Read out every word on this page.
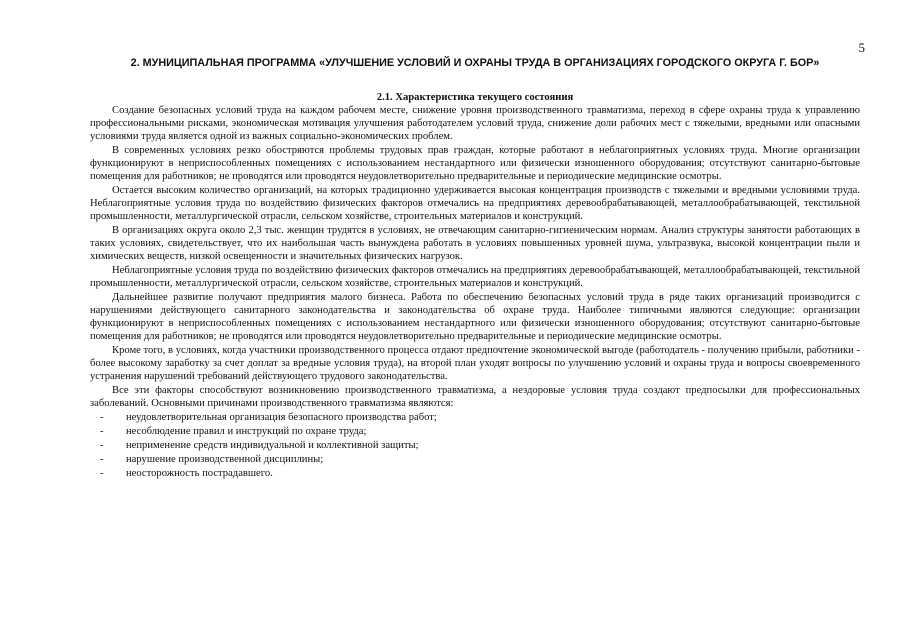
5
2. МУНИЦИПАЛЬНАЯ ПРОГРАММА «УЛУЧШЕНИЕ УСЛОВИЙ И ОХРАНЫ ТРУДА В ОРГАНИЗАЦИЯХ ГОРОДСКОГО ОКРУГА Г. БОР»
2.1. Характеристика текущего состояния

Создание безопасных условий труда на каждом рабочем месте, снижение уровня производственного травматизма, переход в сфере охраны труда к управлению профессиональными рисками, экономическая мотивация улучшения работодателем условий труда, снижение доли рабочих мест с тяжелыми, вредными или опасными условиями труда является одной из важных социально-экономических проблем.

В современных условиях резко обостряются проблемы трудовых прав граждан, которые работают в неблагоприятных условиях труда. Многие организации функционируют в неприспособленных помещениях с использованием нестандартного или физически изношенного оборудования; отсутствуют санитарно-бытовые помещения для работников; не проводятся или проводятся неудовлетворительно предварительные и периодические медицинские осмотры.

Остается высоким количество организаций, на которых традиционно удерживается высокая концентрация производств с тяжелыми и вредными условиями труда. Неблагоприятные условия труда по воздействию физических факторов отмечались на предприятиях деревообрабатывающей, металлообрабатывающей, текстильной промышленности, металлургической отрасли, сельском хозяйстве, строительных материалов и конструкций.

В организациях округа около 2,3 тыс. женщин трудятся в условиях, не отвечающим санитарно-гигиеническим нормам. Анализ структуры занятости работающих в таких условиях, свидетельствует, что их наибольшая часть вынуждена работать в условиях повышенных уровней шума, ультразвука, высокой концентрации пыли и химических веществ, низкой освещенности и значительных физических нагрузок.

Неблагоприятные условия труда по воздействию физических факторов отмечались на предприятиях деревообрабатывающей, металлообрабатывающей, текстильной промышленности, металлургической отрасли, сельском хозяйстве, строительных материалов и конструкций.

Дальнейшее развитие получают предприятия малого бизнеса. Работа по обеспечению безопасных условий труда в ряде таких организаций производится с нарушениями действующего санитарного законодательства и законодательства об охране труда. Наиболее типичными являются следующие: организации функционируют в неприспособленных помещениях с использованием нестандартного или физически изношенного оборудования; отсутствуют санитарно-бытовые помещения для работников; не проводятся или проводятся неудовлетворительно предварительные и периодические медицинские осмотры.

Кроме того, в условиях, когда участники производственного процесса отдают предпочтение экономической выгоде (работодатель - получению прибыли, работники - более высокому заработку за счет доплат за вредные условия труда), на второй план уходят вопросы по улучшению условий и охраны труда и вопросы своевременного устранения нарушений требований действующего трудового законодательства.

Все эти факторы способствуют возникновению производственного травматизма, а нездоровые условия труда создают предпосылки для профессиональных заболеваний. Основными причинами производственного травматизма являются:

-	неудовлетворительная организация безопасного производства работ;
-	несоблюдение правил и инструкций по охране труда;
-	неприменение средств индивидуальной и коллективной защиты;
-	нарушение производственной дисциплины;
-	неосторожность пострадавшего.
